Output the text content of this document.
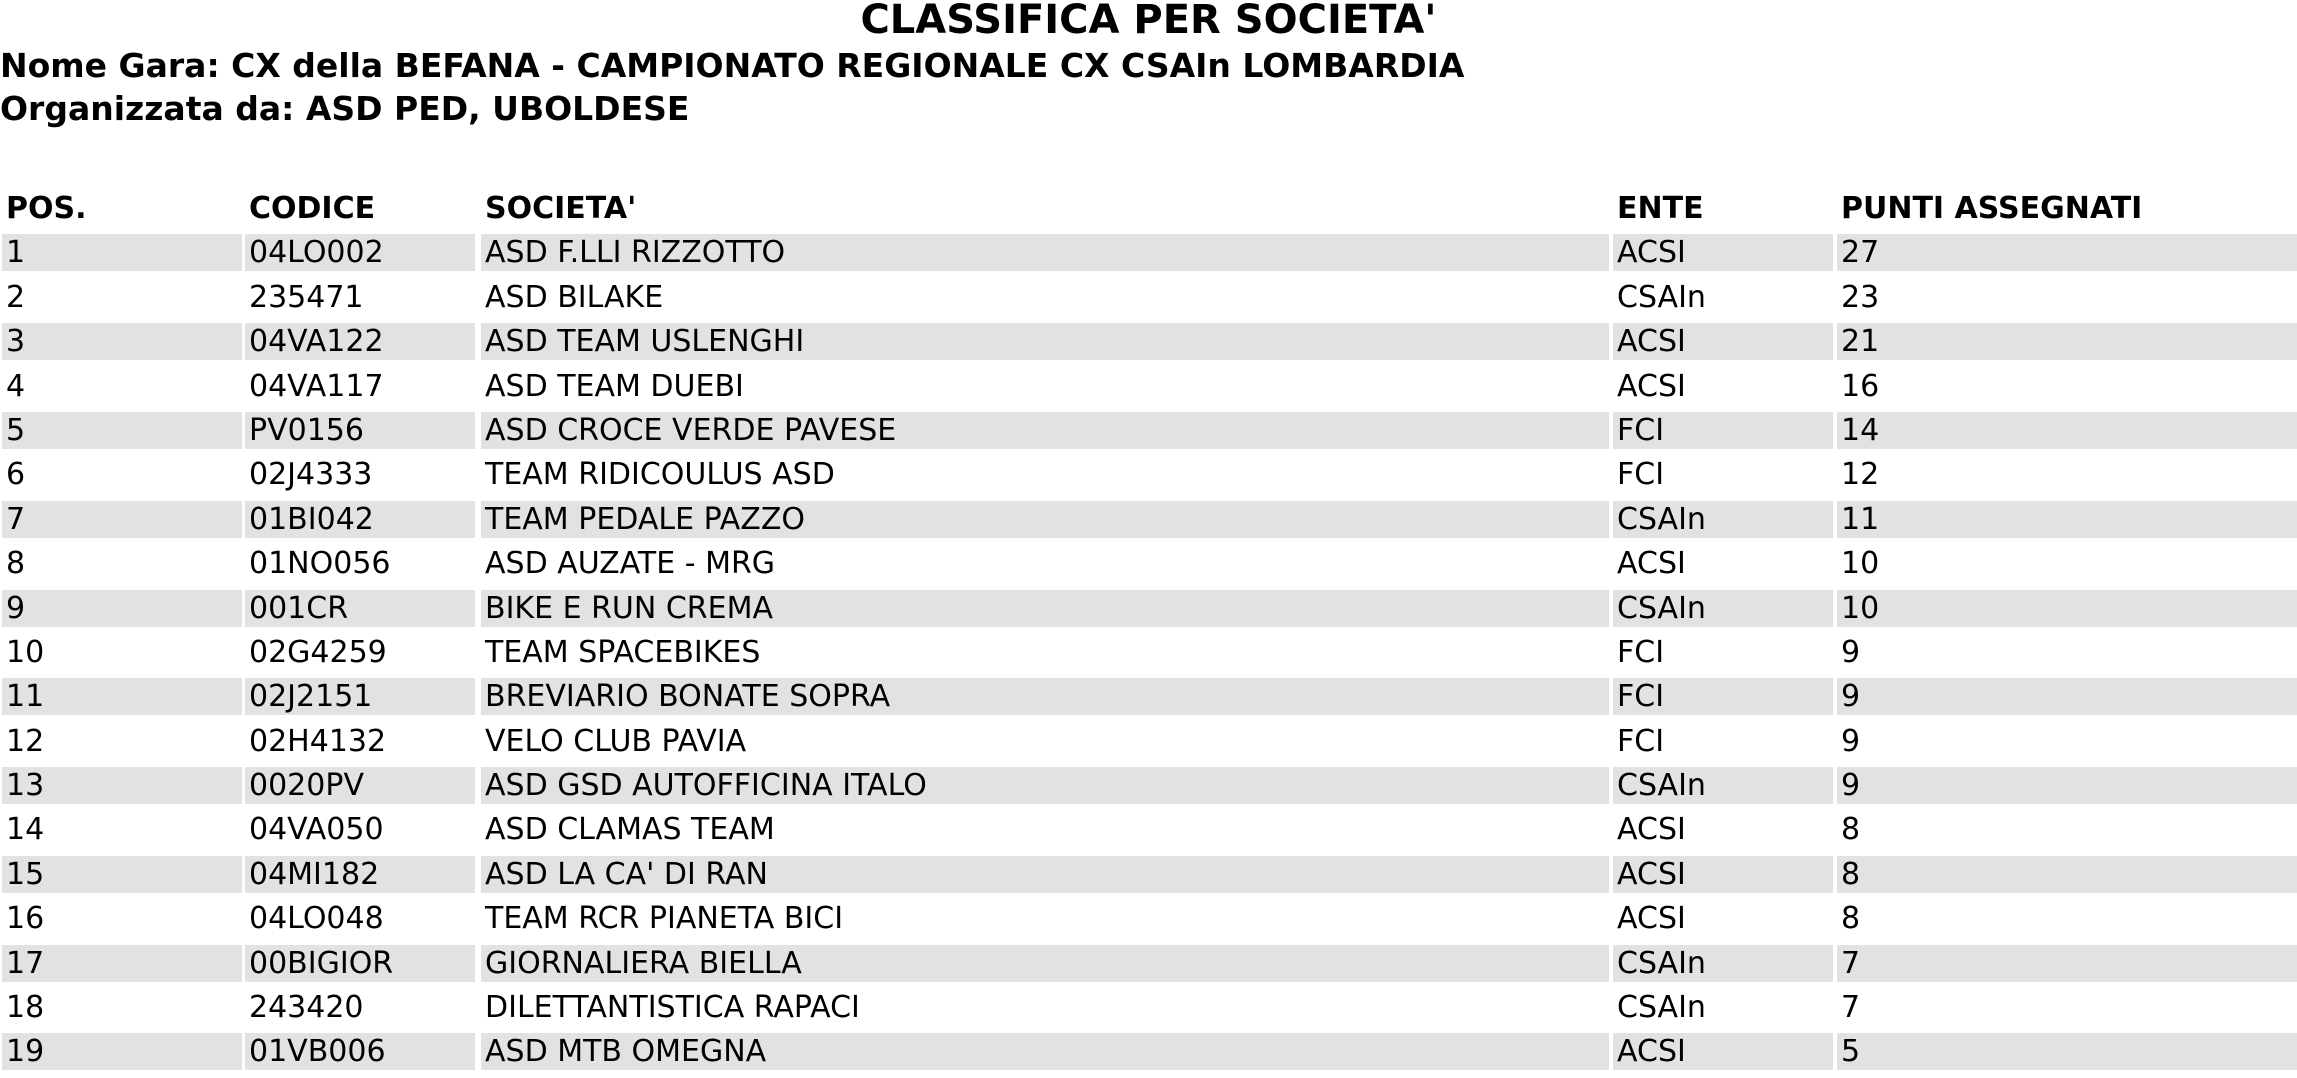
CLASSIFICA PER SOCIETA'
Nome Gara: CX della BEFANA - CAMPIONATO REGIONALE CX CSAIn LOMBARDIA
Organizzata da: ASD PED, UBOLDESE
POS.	CODICE	SOCIETA'	ENTE	PUNTI ASSEGNATI
1	04LO002	ASD F.LLI RIZZOTTO	ACSI	27
2	235471	ASD BILAKE	CSAIn	23
3	04VA122	ASD TEAM USLENGHI	ACSI	21
4	04VA117	ASD TEAM DUEBI	ACSI	16
5	PV0156	ASD CROCE VERDE PAVESE	FCI	14
6	02J4333	TEAM RIDICOULUS ASD	FCI	12
7	01BI042	TEAM PEDALE PAZZO	CSAIn	11
8	01NO056	ASD AUZATE - MRG	ACSI	10
9	001CR	BIKE E RUN CREMA	CSAIn	10
10	02G4259	TEAM SPACEBIKES	FCI	9
11	02J2151	BREVIARIO BONATE SOPRA	FCI	9
12	02H4132	VELO CLUB PAVIA	FCI	9
13	0020PV	ASD GSD AUTOFFICINA ITALO	CSAIn	9
14	04VA050	ASD CLAMAS TEAM	ACSI	8
15	04MI182	ASD LA CA' DI RAN	ACSI	8
16	04LO048	TEAM RCR PIANETA BICI	ACSI	8
17	00BIGIOR	GIORNALIERA BIELLA	CSAIn	7
18	243420	DILETTANTISTICA RAPACI	CSAIn	7
19	01VB006	ASD MTB OMEGNA	ACSI	5
